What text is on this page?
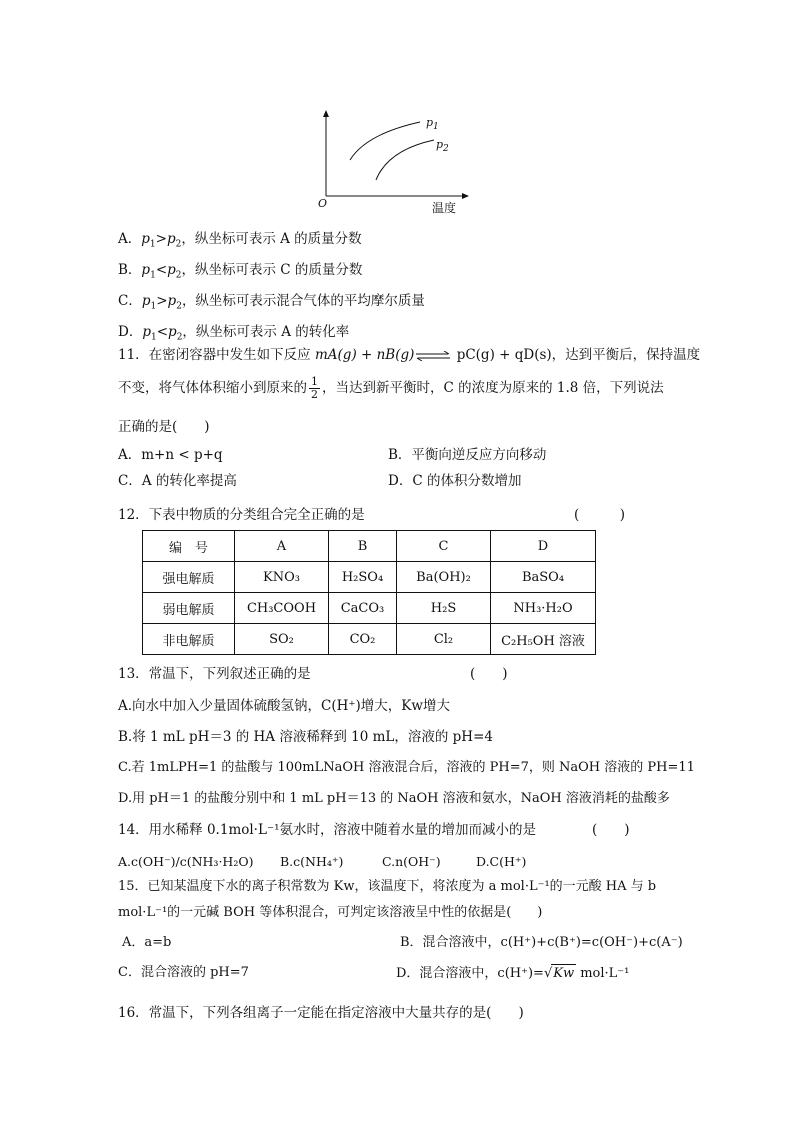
$p_1$
$p_2$
O	温度
A．$p_1>p_2$，纵坐标可表示 A 的质量分数
B．$p_1<p_2$，纵坐标可表示 C 的质量分数
C．$p_1>p_2$，纵坐标可表示混合气体的平均摩尔质量
D．$p_1<p_2$，纵坐标可表示 A 的转化率
11．在密闭容器中发生如下反应 mA(g) + nB(g)⇌ pC(g) + qD(s)，达到平衡后，保持温度
不变，将气体体积缩小到原来的 $\frac{1}{2}$ ，当达到新平衡时，C 的浓度为原来的 1.8 倍，下列说法
正确的是(　　)
A．m+n < p+q	B．平衡向逆反应方向移动
C．A 的转化率提高	D．C 的体积分数增加
12．下表中物质的分类组合完全正确的是	(　　　)
编　号	A	B	C	D
强电解质	KNO₃	H₂SO₄	Ba(OH)₂	BaSO₄
弱电解质	CH₃COOH	CaCO₃	H₂S	NH₃·H₂O
非电解质	SO₂	CO₂	Cl₂	C₂H₅OH 溶液
13．常温下，下列叙述正确的是	(　　)
A.向水中加入少量固体硫酸氢钠，C(H⁺)增大，Kw增大
B.将 1 mL pH＝3 的 HA 溶液稀释到 10 mL，溶液的 pH=4
C.若 1mLPH=1 的盐酸与 100mLNaOH 溶液混合后，溶液的 PH=7，则 NaOH 溶液的 PH=11
D.用 pH＝1 的盐酸分别中和 1 mL pH＝13 的 NaOH 溶液和氨水，NaOH 溶液消耗的盐酸多
14．用水稀释 0.1mol·L⁻¹氨水时，溶液中随着水量的增加而减小的是	(　　)
A.c(OH⁻)/c(NH₃·H₂O) B.c(NH₄⁺)	C.n(OH⁻)	D.C(H⁺)
15．已知某温度下水的离子积常数为 Kw，该温度下，将浓度为 a mol·L⁻¹的一元酸 HA 与 b
mol·L⁻¹的一元碱 BOH 等体积混合，可判定该溶液呈中性的依据是(　　)
A．a=b	B．混合溶液中，c(H⁺)+c(B⁺)=c(OH⁻)+c(A⁻)
C．混合溶液的 pH=7	D．混合溶液中，c(H⁺)=√Kw mol·L⁻¹
16．常温下，下列各组离子一定能在指定溶液中大量共存的是(　　)
